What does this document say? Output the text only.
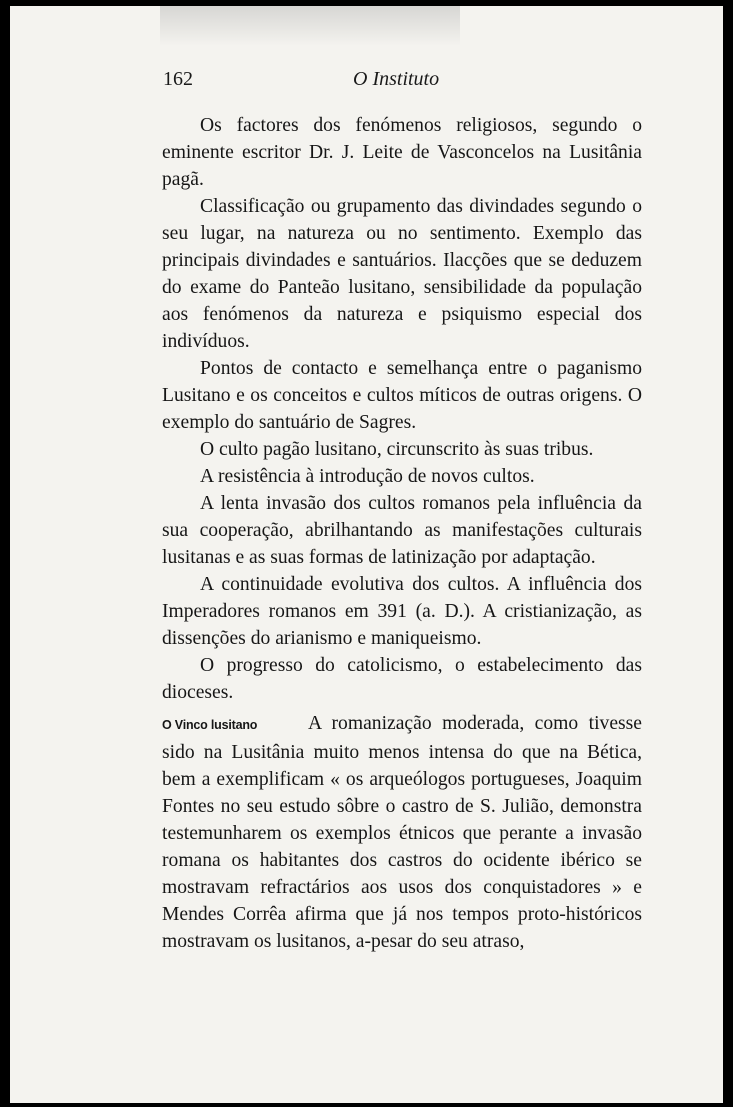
162	O Instituto

Os factores dos fenómenos religiosos, segundo o eminente escritor Dr. J. Leite de Vasconcelos na Lusitânia pagã.

Classificação ou grupamento das divindades segundo o seu lugar, na natureza ou no sentimento. Exemplo das principais divindades e santuários. Ilacções que se deduzem do exame do Panteão lusitano, sensibilidade da população aos fenómenos da natureza e psiquismo especial dos indivíduos.

Pontos de contacto e semelhança entre o paganismo Lusitano e os conceitos e cultos míticos de outras origens. O exemplo do santuário de Sagres.

O culto pagão lusitano, circunscrito às suas tribus.

A resistência à introdução de novos cultos.

A lenta invasão dos cultos romanos pela influência da sua cooperação, abrilhantando as manifestações culturais lusitanas e as suas formas de latinização por adaptação.

A continuidade evolutiva dos cultos. A influência dos Imperadores romanos em 391 (a. D.). A cristianização, as dissenções do arianismo e maniqueismo.

O progresso do catolicismo, o estabelecimento das dioceses.

O Vinco lusitano	A romanização moderada, como tivesse sido na Lusitânia muito menos intensa do que na Bética, bem a exemplificam « os arqueólogos portugueses, Joaquim Fontes no seu estudo sôbre o castro de S. Julião, demonstra testemunharem os exemplos étnicos que perante a invasão romana os habitantes dos castros do ocidente ibérico se mostravam refractários aos usos dos conquistadores » e Mendes Corrêa afirma que já nos tempos proto-históricos mostravam os lusitanos, a-pesar do seu atraso,
